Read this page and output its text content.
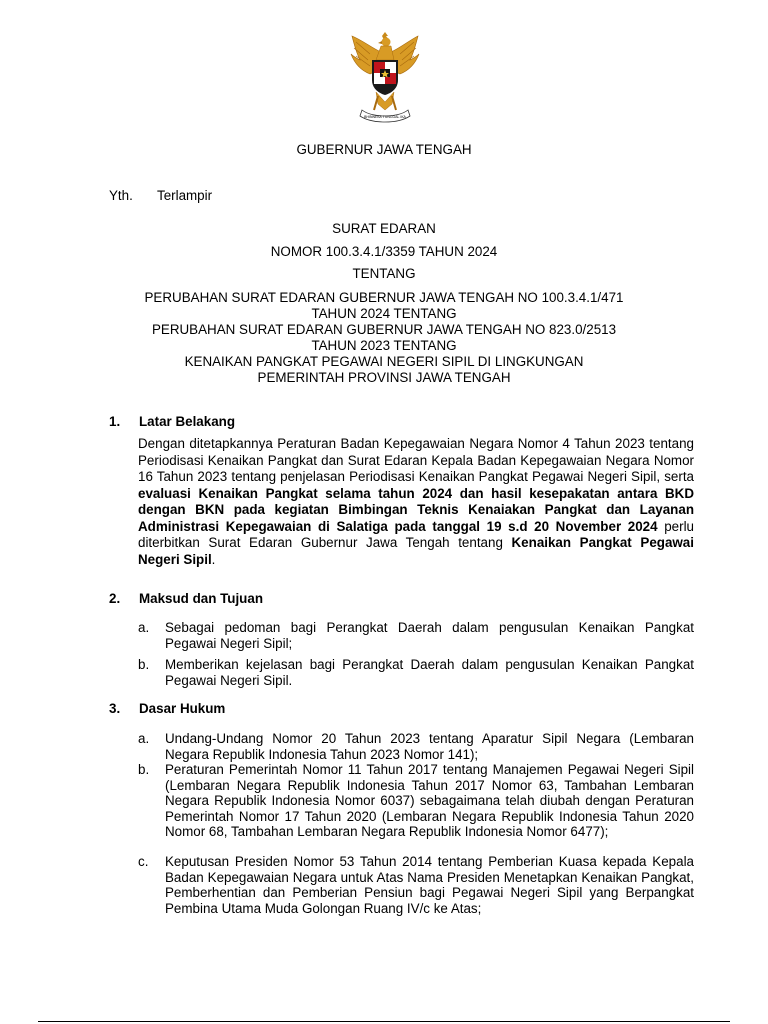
BHINNEKA TUNGGAL IKA
GUBERNUR JAWA TENGAH
Yth. Terlampir
SURAT EDARAN
NOMOR 100.3.4.1/3359 TAHUN 2024
TENTANG
PERUBAHAN SURAT EDARAN GUBERNUR JAWA TENGAH NO 100.3.4.1/471
TAHUN 2024 TENTANG
PERUBAHAN SURAT EDARAN GUBERNUR JAWA TENGAH NO 823.0/2513
TAHUN 2023 TENTANG
KENAIKAN PANGKAT PEGAWAI NEGERI SIPIL DI LINGKUNGAN
PEMERINTAH PROVINSI JAWA TENGAH
1. Latar Belakang
Dengan ditetapkannya Peraturan Badan Kepegawaian Negara Nomor 4 Tahun 2023 tentang Periodisasi Kenaikan Pangkat dan Surat Edaran Kepala Badan Kepegawaian Negara Nomor 16 Tahun 2023 tentang penjelasan Periodisasi Kenaikan Pangkat Pegawai Negeri Sipil, serta evaluasi Kenaikan Pangkat selama tahun 2024 dan hasil kesepakatan antara BKD dengan BKN pada kegiatan Bimbingan Teknis Kenaiakan Pangkat dan Layanan Administrasi Kepegawaian di Salatiga pada tanggal 19 s.d 20 November 2024 perlu diterbitkan Surat Edaran Gubernur Jawa Tengah tentang Kenaikan Pangkat Pegawai Negeri Sipil.
2. Maksud dan Tujuan
a. Sebagai pedoman bagi Perangkat Daerah dalam pengusulan Kenaikan Pangkat Pegawai Negeri Sipil;
b. Memberikan kejelasan bagi Perangkat Daerah dalam pengusulan Kenaikan Pangkat Pegawai Negeri Sipil.
3. Dasar Hukum
a. Undang-Undang Nomor 20 Tahun 2023 tentang Aparatur Sipil Negara (Lembaran Negara Republik Indonesia Tahun 2023 Nomor 141);
b. Peraturan Pemerintah Nomor 11 Tahun 2017 tentang Manajemen Pegawai Negeri Sipil (Lembaran Negara Republik Indonesia Tahun 2017 Nomor 63, Tambahan Lembaran Negara Republik Indonesia Nomor 6037) sebagaimana telah diubah dengan Peraturan Pemerintah Nomor 17 Tahun 2020 (Lembaran Negara Republik Indonesia Tahun 2020 Nomor 68, Tambahan Lembaran Negara Republik Indonesia Nomor 6477);
c. Keputusan Presiden Nomor 53 Tahun 2014 tentang Pemberian Kuasa kepada Kepala Badan Kepegawaian Negara untuk Atas Nama Presiden Menetapkan Kenaikan Pangkat, Pemberhentian dan Pemberian Pensiun bagi Pegawai Negeri Sipil yang Berpangkat Pembina Utama Muda Golongan Ruang IV/c ke Atas;
